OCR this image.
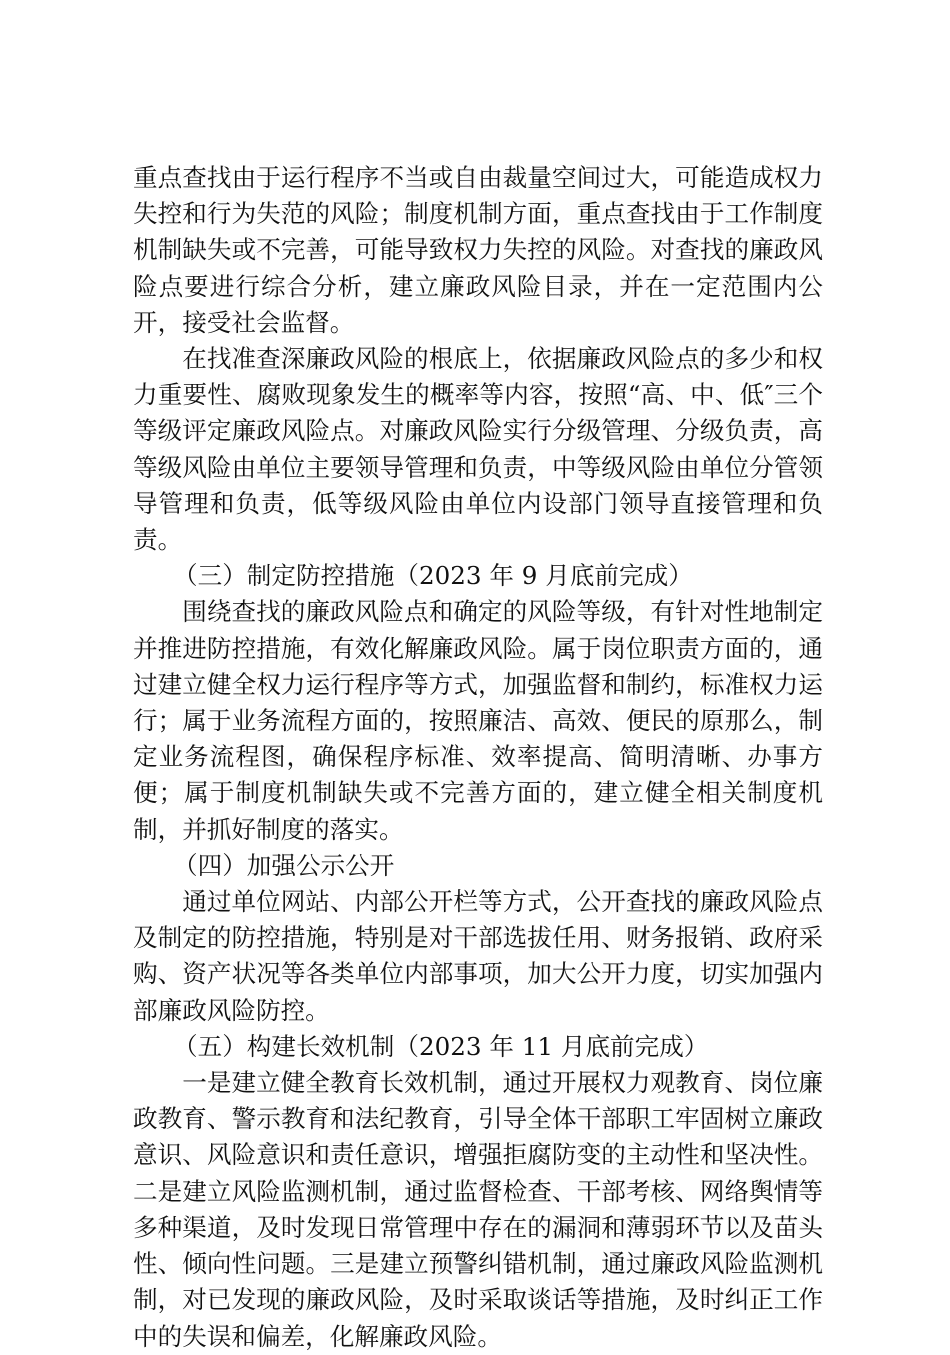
重点查找由于运行程序不当或自由裁量空间过大，可能造成权力失控和行为失范的风险；制度机制方面，重点查找由于工作制度机制缺失或不完善，可能导致权力失控的风险。对查找的廉政风险点要进行综合分析，建立廉政风险目录，并在一定范围内公开，接受社会监督。

在找准查深廉政风险的根底上，依据廉政风险点的多少和权力重要性、腐败现象发生的概率等内容，按照“高、中、低″三个等级评定廉政风险点。对廉政风险实行分级管理、分级负责，高等级风险由单位主要领导管理和负责，中等级风险由单位分管领导管理和负责，低等级风险由单位内设部门领导直接管理和负责。

（三）制定防控措施（2023 年 9 月底前完成）

围绕查找的廉政风险点和确定的风险等级，有针对性地制定并推进防控措施，有效化解廉政风险。属于岗位职责方面的，通过建立健全权力运行程序等方式，加强监督和制约，标准权力运行；属于业务流程方面的，按照廉洁、高效、便民的原那么，制定业务流程图，确保程序标准、效率提高、简明清晰、办事方便；属于制度机制缺失或不完善方面的，建立健全相关制度机制，并抓好制度的落实。

（四）加强公示公开

通过单位网站、内部公开栏等方式，公开查找的廉政风险点及制定的防控措施，特别是对干部选拔任用、财务报销、政府采购、资产状况等各类单位内部事项，加大公开力度，切实加强内部廉政风险防控。

（五）构建长效机制（2023 年 11 月底前完成）

一是建立健全教育长效机制，通过开展权力观教育、岗位廉政教育、警示教育和法纪教育，引导全体干部职工牢固树立廉政意识、风险意识和责任意识，增强拒腐防变的主动性和坚决性。二是建立风险监测机制，通过监督检查、干部考核、网络舆情等多种渠道，及时发现日常管理中存在的漏洞和薄弱环节以及苗头性、倾向性问题。三是建立预警纠错机制，通过廉政风险监测机制，对已发现的廉政风险，及时采取谈话等措施，及时纠正工作中的失误和偏差，化解廉政风险。
